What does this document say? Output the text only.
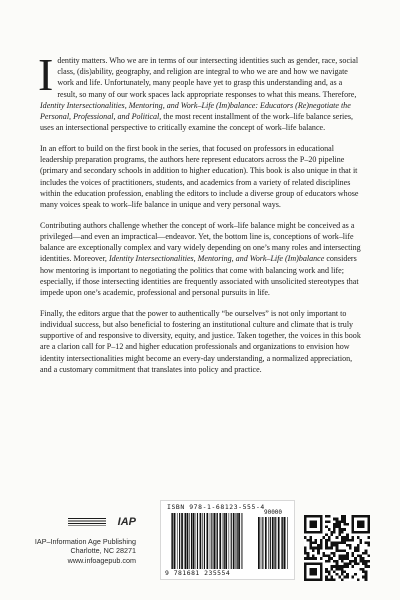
Identity matters. Who we are in terms of our intersecting identities such as gender, race, social class, (dis)ability, geography, and religion are integral to who we are and how we navigate work and life. Unfortunately, many people have yet to grasp this understanding and, as a result, so many of our work spaces lack appropriate responses to what this means. Therefore, Identity Intersectionalities, Mentoring, and Work–Life (Im)balance: Educators (Re)negotiate the Personal, Professional, and Political, the most recent installment of the work–life balance series, uses an intersectional perspective to critically examine the concept of work–life balance.

In an effort to build on the first book in the series, that focused on professors in educational leadership preparation programs, the authors here represent educators across the P–20 pipeline (primary and secondary schools in addition to higher education). This book is also unique in that it includes the voices of practitioners, students, and academics from a variety of related disciplines within the education profession, enabling the editors to include a diverse group of educators whose many voices speak to work–life balance in unique and very personal ways.

Contributing authors challenge whether the concept of work–life balance might be conceived as a privileged—and even an impractical—endeavor. Yet, the bottom line is, conceptions of work–life balance are exceptionally complex and vary widely depending on one’s many roles and intersecting identities. Moreover, Identity Intersectionalities, Mentoring, and Work–Life (Im)balance considers how mentoring is important to negotiating the politics that come with balancing work and life; especially, if those intersecting identities are frequently associated with unsolicited stereotypes that impede upon one’s academic, professional and personal pursuits in life.

Finally, the editors argue that the power to authentically “be ourselves” is not only important to individual success, but also beneficial to fostering an institutional culture and climate that is truly supportive of and responsive to diversity, equity, and justice. Taken together, the voices in this book are a clarion call for P–12 and higher education professionals and organizations to envision how identity intersectionalities might become an every-day understanding, a normalized appreciation, and a customary commitment that translates into policy and practice.

IAP
IAP–Information Age Publishing
Charlotte, NC 28271
www.infoagepub.com
ISBN 978-1-68123-555-4
90000
9 781681 235554
